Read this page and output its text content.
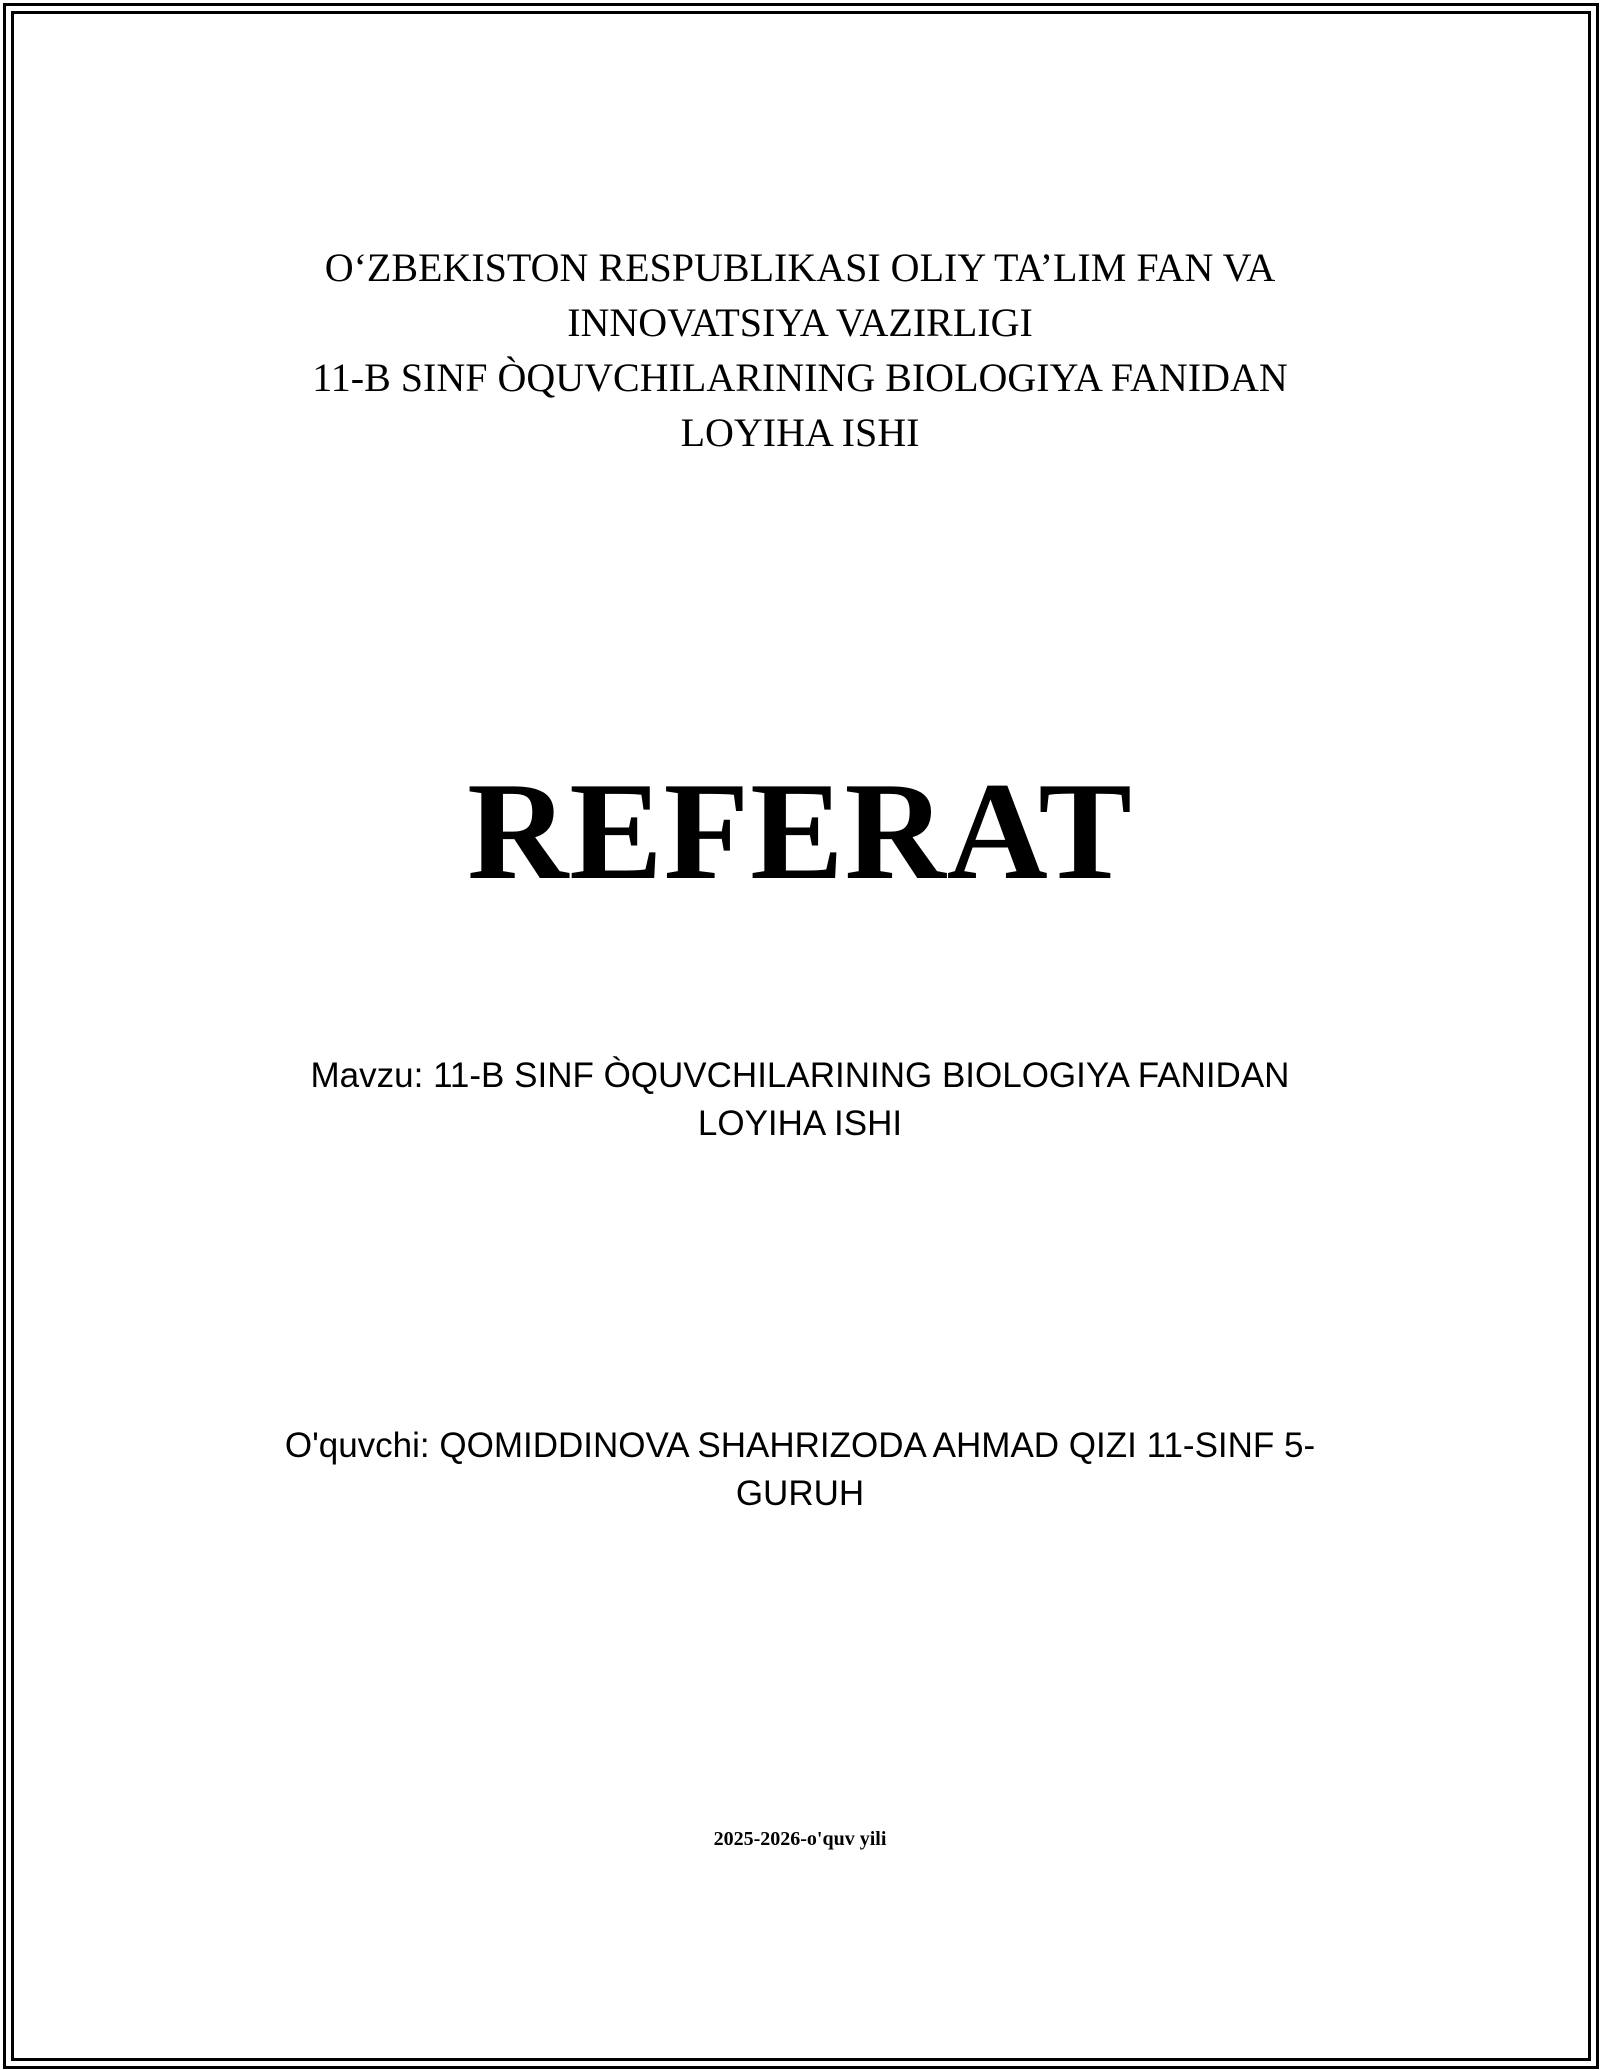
O‘ZBEKISTON RESPUBLIKASI OLIY TA’LIM FAN VA
INNOVATSIYA VAZIRLIGI
11-B SINF ÒQUVCHILARINING BIOLOGIYA FANIDAN
LOYIHA ISHI
REFERAT
Mavzu: 11-B SINF ÒQUVCHILARINING BIOLOGIYA FANIDAN
LOYIHA ISHI
O'quvchi: QOMIDDINOVA SHAHRIZODA AHMAD QIZI 11-SINF 5-
GURUH
2025-2026-o'quv yili
